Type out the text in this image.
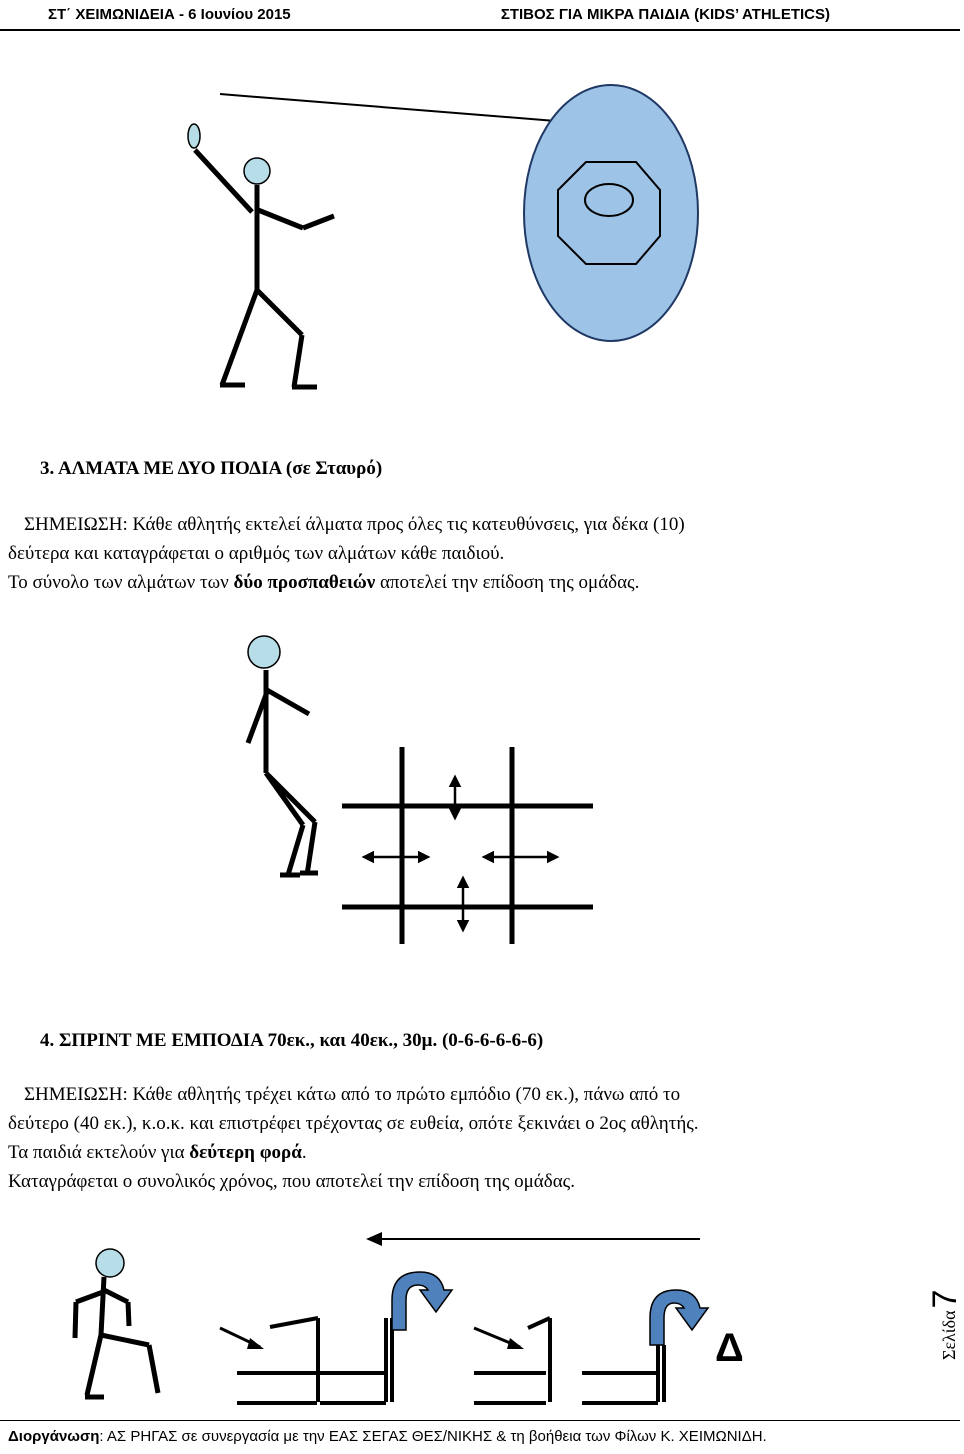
ΣΤ΄ ΧΕΙΜΩΝΙΔΕΙΑ - 6 Ιουνίου 2015	ΣΤΙΒΟΣ ΓΙΑ ΜΙΚΡΑ ΠΑΙΔΙΑ (KIDS’ ATHLETICS)
3. ΑΛΜΑΤΑ ΜΕ ΔΥΟ ΠΟΔΙΑ (σε Σταυρό)
ΣΗΜΕΙΩΣΗ: Κάθε αθλητής εκτελεί άλματα προς όλες τις κατευθύνσεις, για δέκα (10)
δεύτερα και καταγράφεται ο αριθμός των αλμάτων κάθε παιδιού.
Το σύνολο των αλμάτων των δύο προσπαθειών αποτελεί την επίδοση της ομάδας.
4. ΣΠΡΙΝΤ ΜΕ ΕΜΠΟΔΙΑ 70εκ., και 40εκ., 30μ. (0-6-6-6-6-6)
ΣΗΜΕΙΩΣΗ: Κάθε αθλητής τρέχει κάτω από το πρώτο εμπόδιο (70 εκ.), πάνω από το
δεύτερο (40 εκ.), κ.ο.κ. και επιστρέφει τρέχοντας σε ευθεία, οπότε ξεκινάει ο 2ος αθλητής.
Τα παιδιά εκτελούν για δεύτερη φορά.
Καταγράφεται ο συνολικός χρόνος, που αποτελεί την επίδοση της ομάδας.
Δ	Σελίδα
7
Διοργάνωση: ΑΣ ΡΗΓΑΣ σε συνεργασία με την ΕΑΣ ΣΕΓΑΣ ΘΕΣ/ΝΙΚΗΣ & τη βοήθεια των Φίλων Κ. ΧΕΙΜΩΝΙΔΗ.
